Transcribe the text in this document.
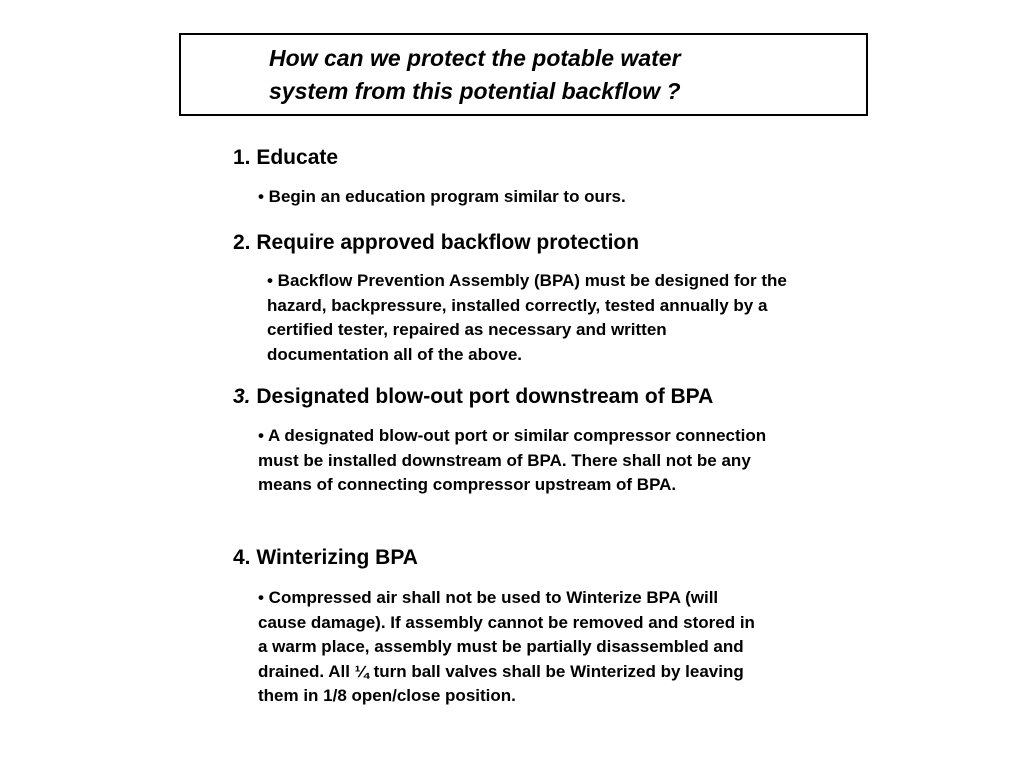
How can we protect the potable water
system from this potential backflow ?
1. Educate
• Begin an education program similar to ours.
2. Require approved backflow protection
• Backflow Prevention Assembly (BPA) must be designed for the
hazard, backpressure, installed correctly, tested annually by a
certified tester, repaired as necessary and written
documentation all of the above.
3. Designated blow-out port downstream of BPA
• A designated blow-out port or similar compressor connection
must be installed downstream of BPA. There shall not be any
means of connecting compressor upstream of BPA.
4. Winterizing BPA
• Compressed air shall not be used to Winterize BPA (will
cause damage). If assembly cannot be removed and stored in
a warm place, assembly must be partially disassembled and
drained. All ¼ turn ball valves shall be Winterized by leaving
them in 1/8 open/close position.
